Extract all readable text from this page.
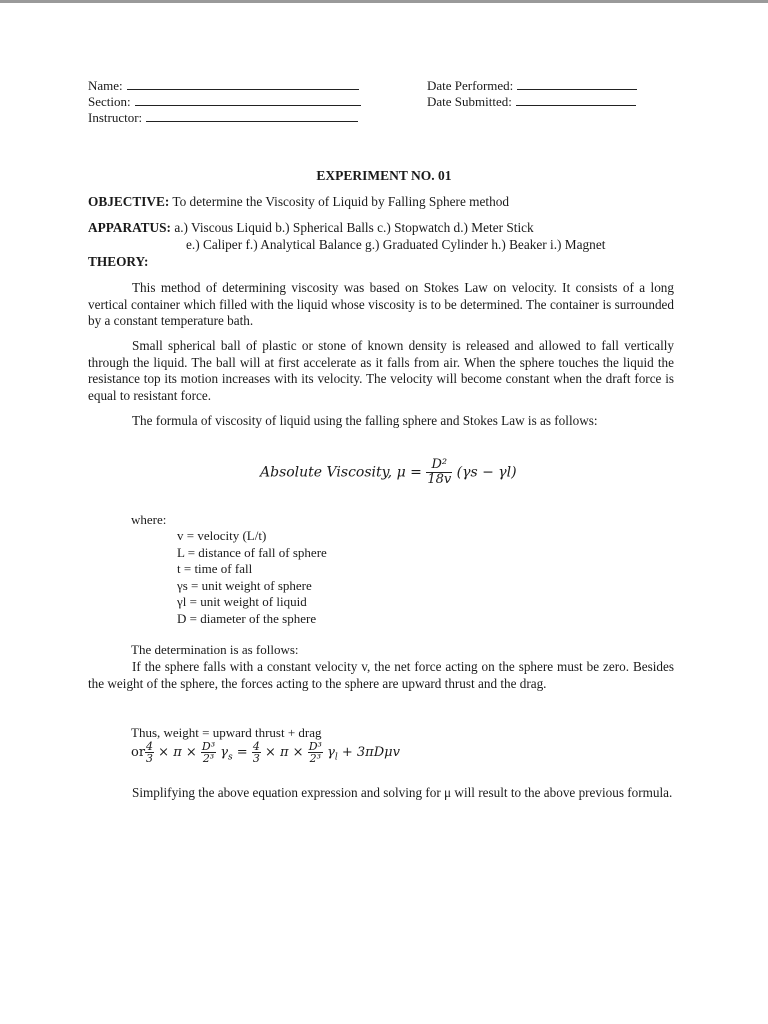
Name:
Section:
Instructor:
Date Performed:
Date Submitted:
EXPERIMENT NO. 01
OBJECTIVE: To determine the Viscosity of Liquid by Falling Sphere method
APPARATUS: a.) Viscous Liquid b.) Spherical Balls c.) Stopwatch d.) Meter Stick
e.) Caliper f.) Analytical Balance g.) Graduated Cylinder h.) Beaker i.) Magnet
THEORY:

This method of determining viscosity was based on Stokes Law on velocity. It consists of a long vertical container which filled with the liquid whose viscosity is to be determined. The container is surrounded by a constant temperature bath.

Small spherical ball of plastic or stone of known density is released and allowed to fall vertically through the liquid. The ball will at first accelerate as it falls from air. When the sphere touches the liquid the resistance top its motion increases with its velocity. The velocity will become constant when the draft force is equal to resistant force.

The formula of viscosity of liquid using the falling sphere and Stokes Law is as follows:

Absolute Viscosity, $\mu = \frac{\text{D²}}{18v} (\gamma s - \gamma l)$
where:
v = velocity (L/t)
L = distance of fall of sphere
t = time of fall
γs = unit weight of sphere
γl = unit weight of liquid
D = diameter of the sphere
The determination is as follows:

If the sphere falls with a constant velocity v, the net force acting on the sphere must be zero. Besides the weight of the sphere, the forces acting to the sphere are upward thrust and the drag.

Thus, weight = upward thrust + drag
or $\frac{4}{3} \times \pi \times \frac{\text{D³}}{\text{2³}} \gamma_s = \frac{4}{3} \times \pi \times \frac{\text{D³}}{\text{2³}} \gamma_l + 3\pi D\mu v$

Simplifying the above equation expression and solving for μ will result to the above previous formula.
